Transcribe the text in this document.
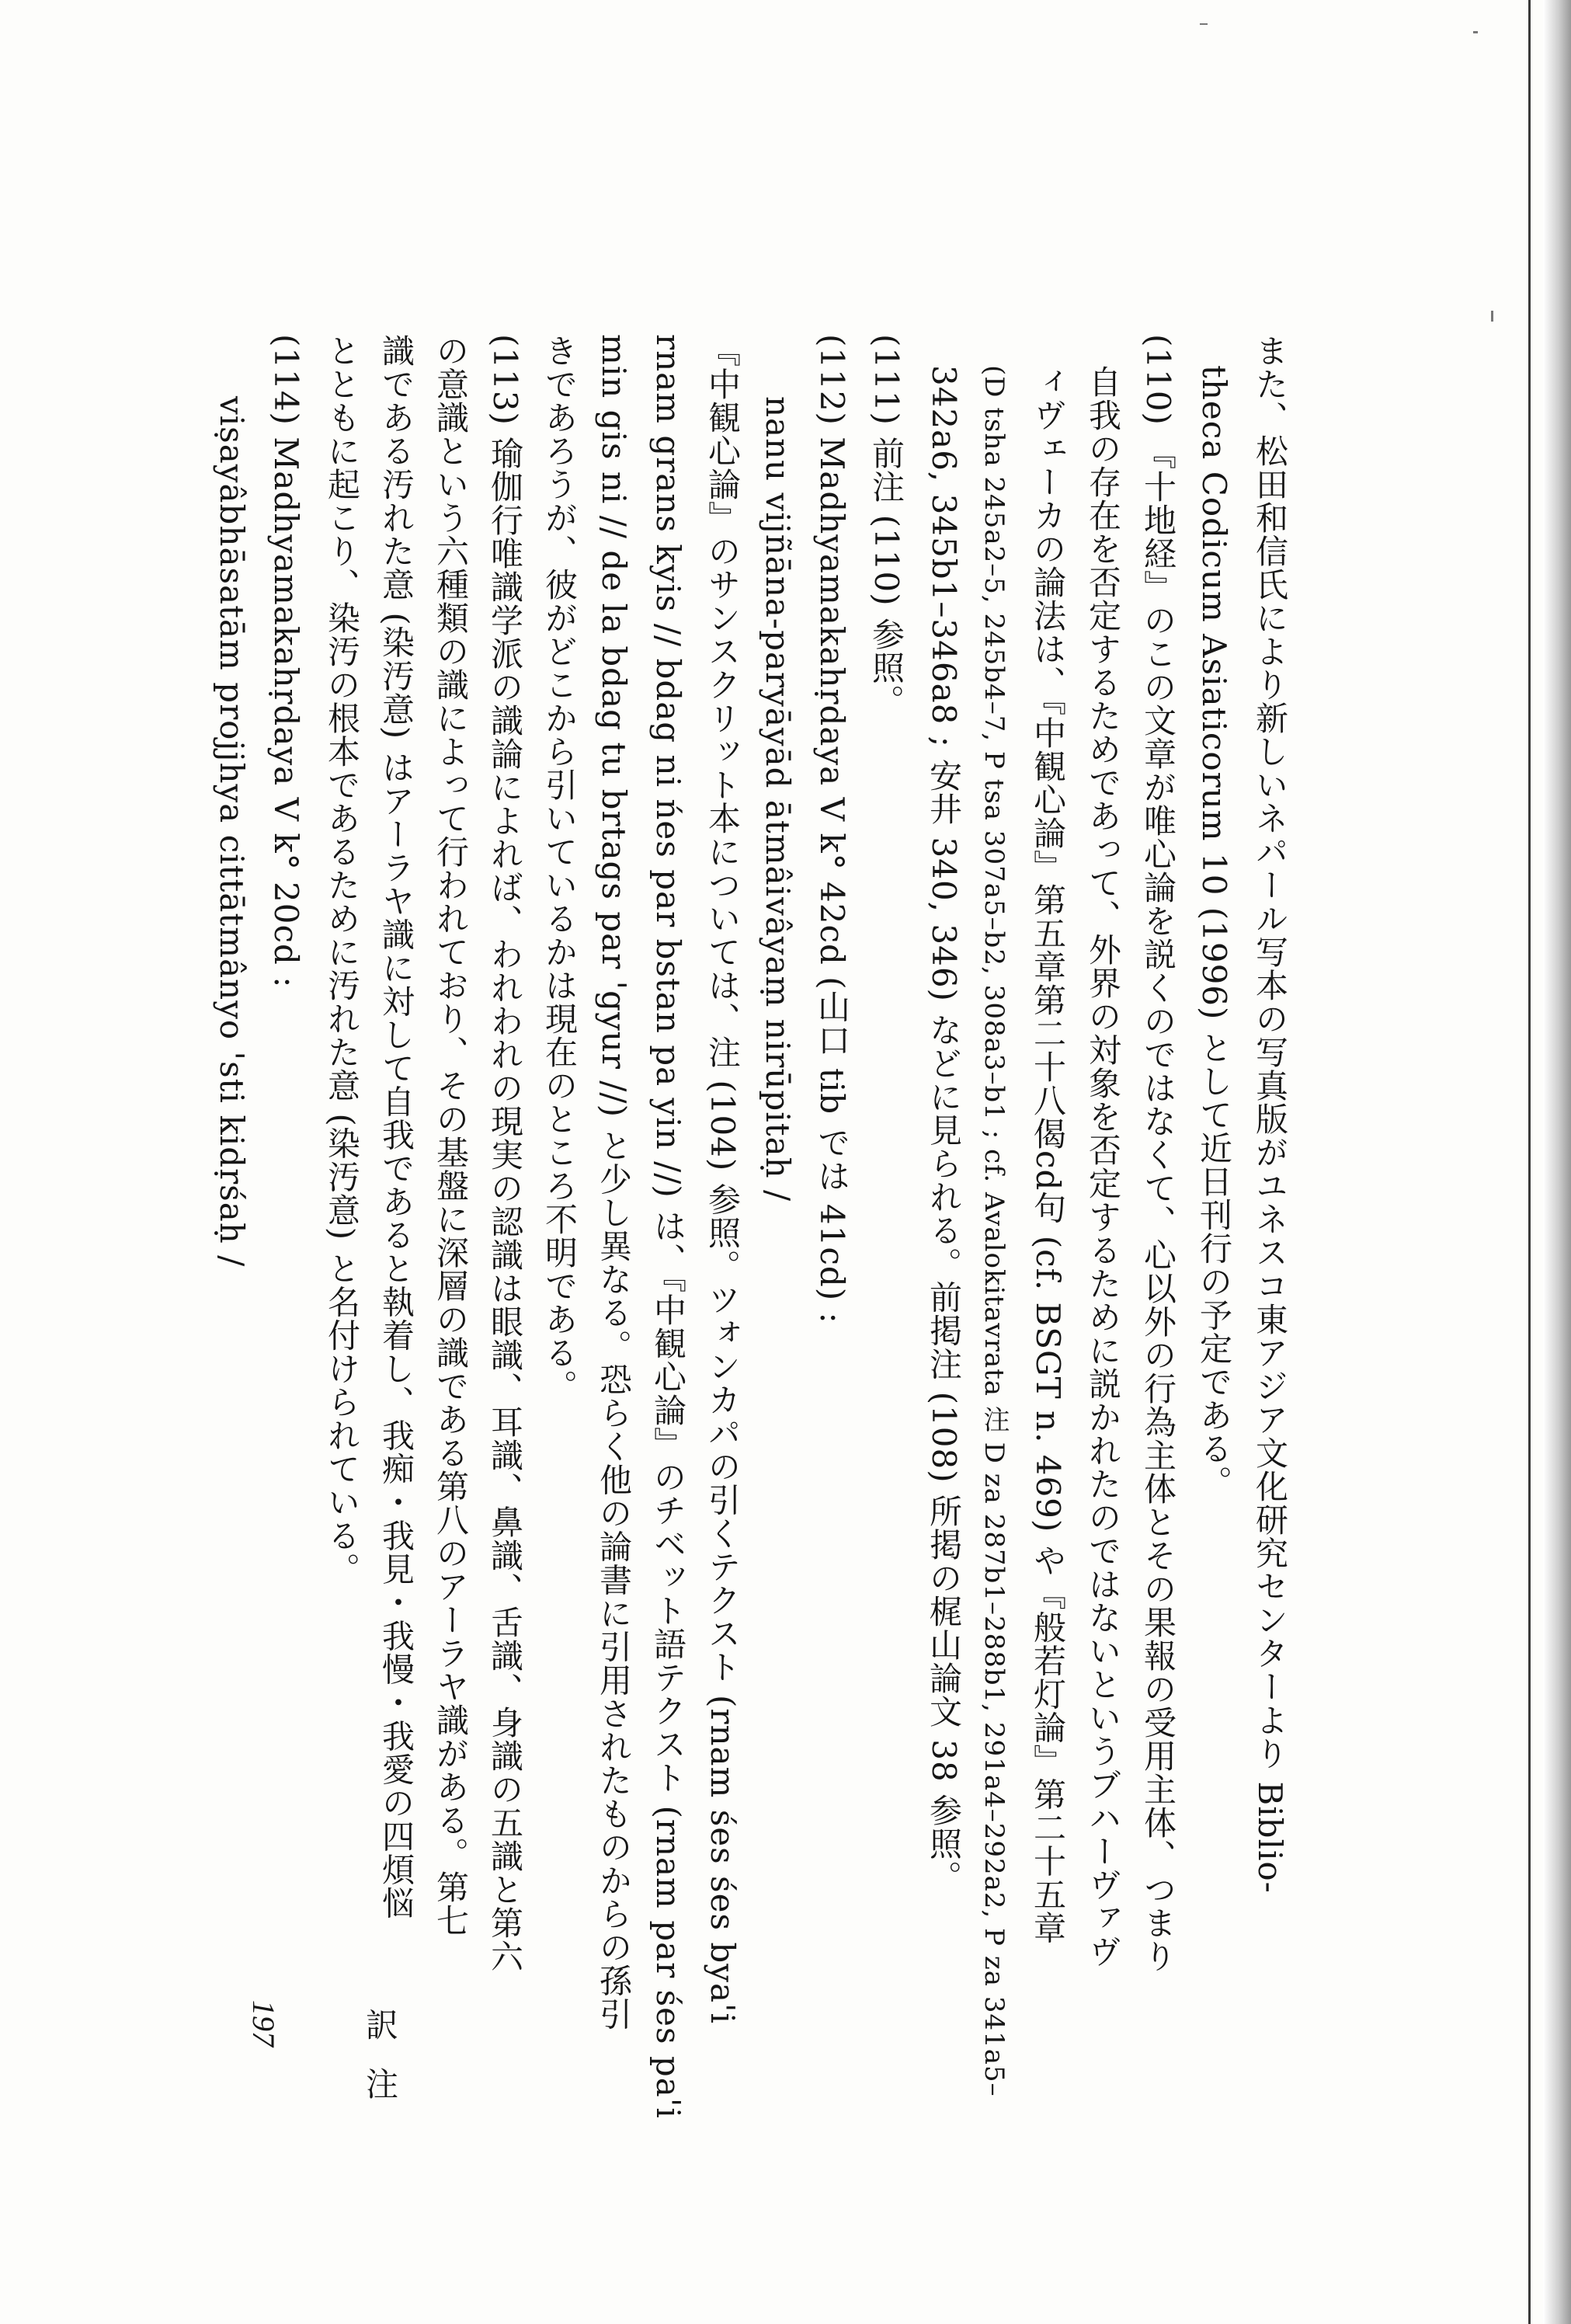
また、松田和信氏により新しいネパール写本の写真版がユネスコ東アジア文化研究センターより Biblio-
theca Codicum Asiaticorum 10 (1996) として近日刊行の予定である。
(110) 『十地経』のこの文章が唯心論を説くのではなくて、心以外の行為主体とその果報の受用主体、つまり
自我の存在を否定するためであって、外界の対象を否定するために説かれたのではないというブハーヴァヴ
ィヴェーカの論法は、『中観心論』第五章第二十八偈cd句 (cf. BSGT n. 469) や『般若灯論』第二十五章
(D tsha 245a2–5, 245b4–7, P tsa 307a5–b2, 308a3–b1 ; cf. Avalokitavrata 注 D za 287b1–288b1, 291a4–292a2, P za 341a5–
342a6, 345b1–346a8 ; 安井 340, 346) などに見られる。前掲注 (108) 所掲の梶山論文 38 参照。
(111) 前注 (110) 参照。
(112) Madhyamakahṛdaya V k° 42cd (山口 tib では 41cd) :
nanu vijñāna-paryāyād ātmâivâyaṃ nirūpitaḥ /
『中観心論』のサンスクリット本については、注 (104) 参照。ツォンカパの引くテクスト (rnam śes śes bya'i
rnam grans kyis // bdag ni ńes par bstan pa yin //) は、『中観心論』のチベット語テクスト (rnam par śes pa'i
min gis ni // de la bdag tu brtags par 'gyur //) と少し異なる。恐らく他の論書に引用されたものからの孫引
きであろうが、彼がどこから引いているかは現在のところ不明である。
(113) 瑜伽行唯識学派の識論によれば、われわれの現実の認識は眼識、耳識、鼻識、舌識、身識の五識と第六
の意識という六種類の識によって行われており、その基盤に深層の識である第八のアーラヤ識がある。第七
識である汚れた意 (染汚意) はアーラヤ識に対して自我であると執着し、我痴・我見・我慢・我愛の四煩悩
とともに起こり、染汚の根本であるために汚れた意 (染汚意) と名付けられている。
(114) Madhyamakahṛdaya V k° 20cd :
viṣayâbhāsatām projjhya cittātmânyo 'sti kidṛśaḥ /
197 訳注
